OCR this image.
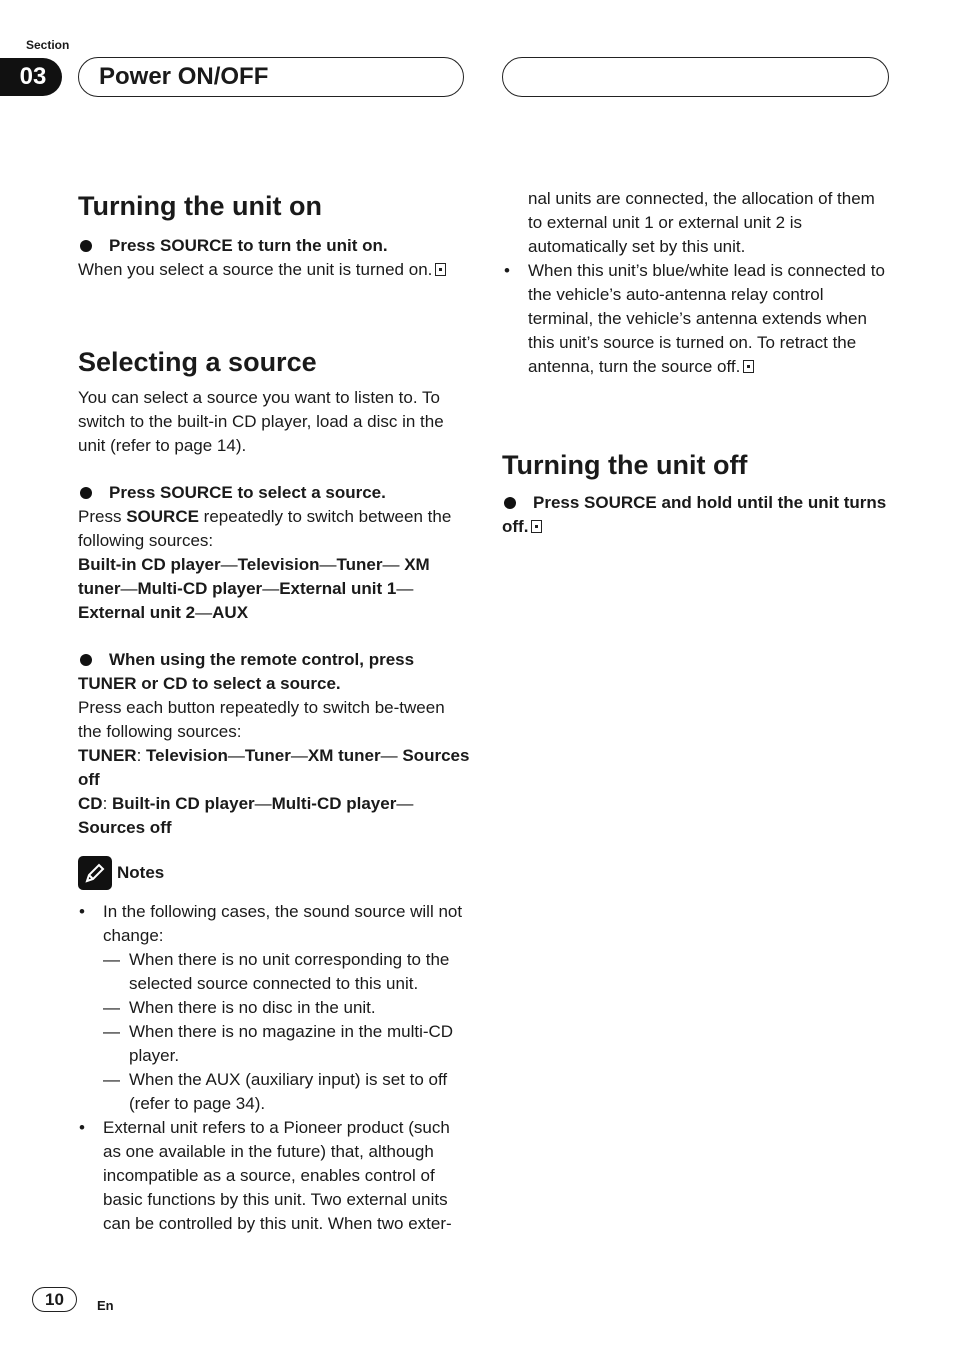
Section
03	Power ON/OFF
Turning the unit on
Press SOURCE to turn the unit on.

When you select a source the unit is turned on.

Selecting a source

You can select a source you want to listen to. To switch to the built-in CD player, load a disc in the unit (refer to page 14).

Press SOURCE to select a source.

Press SOURCE repeatedly to switch between the following sources:

Built-in CD player—Television—Tuner— XM tuner—Multi-CD player—External unit 1—External unit 2—AUX

When using the remote control, press TUNER or CD to select a source.

Press each button repeatedly to switch be-tween the following sources:

TUNER: Television—Tuner—XM tuner— Sources off

CD: Built-in CD player—Multi-CD player— Sources off

Notes
• In the following cases, the sound source will not change:
— When there is no unit corresponding to the selected source connected to this unit.
— When there is no disc in the unit.
— When there is no magazine in the multi-CD player.
— When the AUX (auxiliary input) is set to off (refer to page 34).
• External unit refers to a Pioneer product (such as one available in the future) that, although incompatible as a source, enables control of basic functions by this unit. Two external units can be controlled by this unit. When two exter-

nal units are connected, the allocation of them to external unit 1 or external unit 2 is automatically set by this unit.

• When this unit’s blue/white lead is connected to the vehicle’s auto-antenna relay control terminal, the vehicle’s antenna extends when this unit’s source is turned on. To retract the antenna, turn the source off.
Turning the unit off
Press SOURCE and hold until the unit turns off.
10	En
